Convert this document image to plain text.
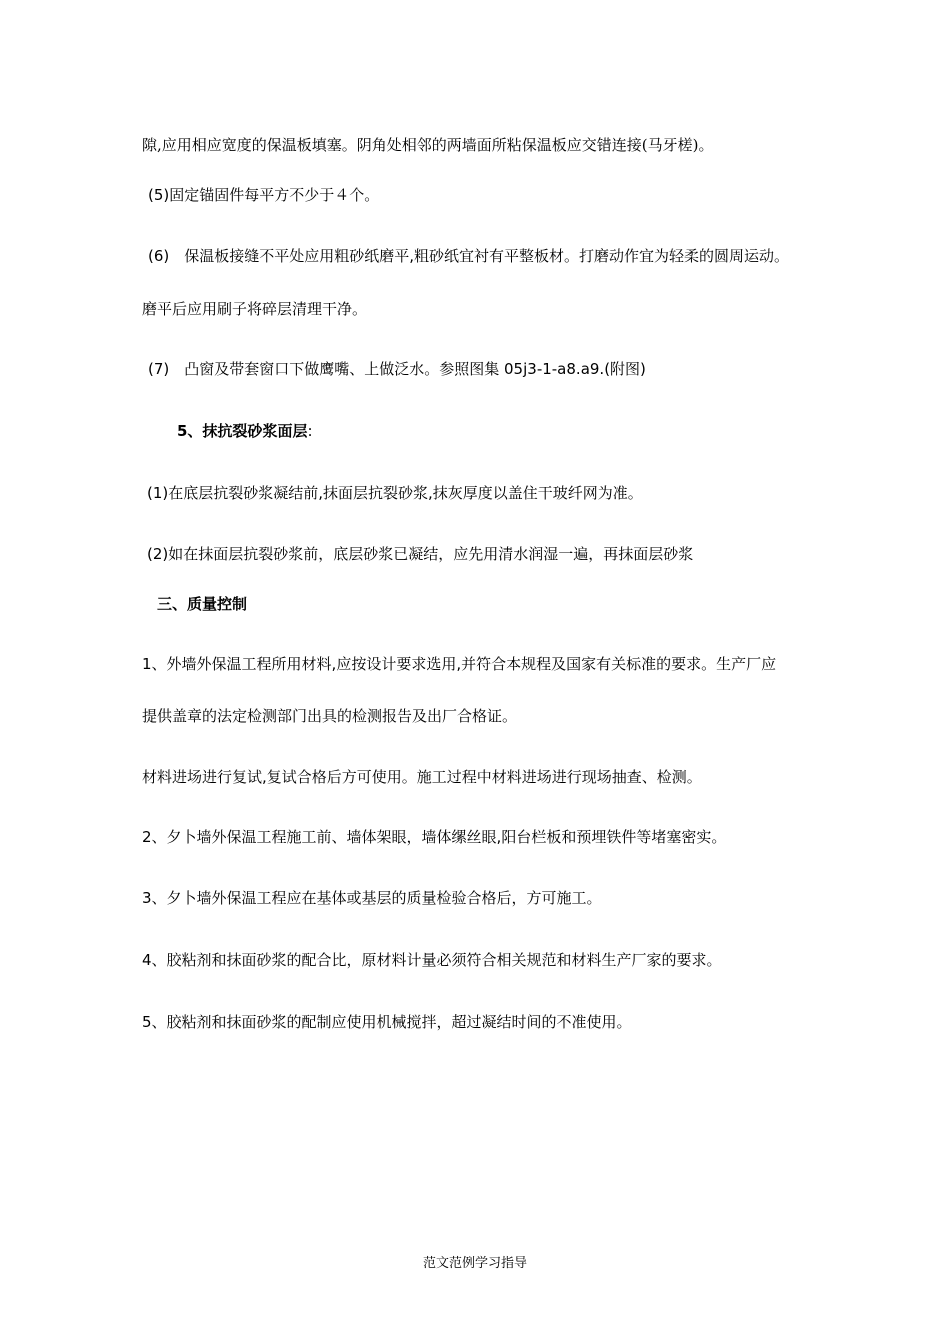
隙,应用相应宽度的保温板填塞。阴角处相邻的两墙面所粘保温板应交错连接(马牙槎)。

(5)固定锚固件每平方不少于４个。

(6)　保温板接缝不平处应用粗砂纸磨平,粗砂纸宜衬有平整板材。打磨动作宜为轻柔的圆周运动。

磨平后应用刷子将碎层清理干净。

(7)　凸窗及带套窗口下做鹰嘴、上做泛水。参照图集 05j3-1-a8.a9.(附图)

5、抹抗裂砂浆面层:

(1)在底层抗裂砂浆凝结前,抹面层抗裂砂浆,抹灰厚度以盖住干玻纤网为准。

(2)如在抹面层抗裂砂浆前，底层砂浆已凝结，应先用清水润湿一遍，再抹面层砂浆

三、质量控制

1、外墙外保温工程所用材料,应按设计要求选用,并符合本规程及国家有关标准的要求。生产厂应

提供盖章的法定检测部门出具的检测报告及出厂合格证。

材料进场进行复试,复试合格后方可使用。施工过程中材料进场进行现场抽查、检测。

2、夕卜墙外保温工程施工前、墙体架眼，墙体缧丝眼,阳台栏板和预埋铁件等堵塞密实。

3、夕卜墙外保温工程应在基体或基层的质量检验合格后，方可施工。

4、胶粘剂和抹面砂浆的配合比，原材料计量必须符合相关规范和材料生产厂家的要求。

5、胶粘剂和抹面砂浆的配制应使用机械搅拌，超过凝结时间的不准使用。

范文范例学习指导
